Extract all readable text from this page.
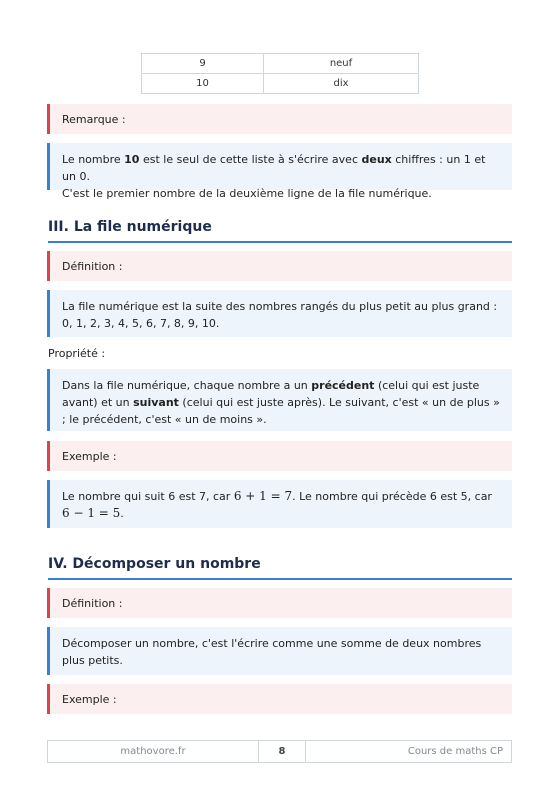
9	neuf
10	dix
Remarque :
Le nombre 10 est le seul de cette liste à s'écrire avec deux chiffres : un 1 et un 0.
C'est le premier nombre de la deuxième ligne de la file numérique.
III. La file numérique
Définition :
La file numérique est la suite des nombres rangés du plus petit au plus grand : 0, 1, 2, 3, 4, 5, 6, 7, 8, 9, 10.
Propriété :
Dans la file numérique, chaque nombre a un précédent (celui qui est juste avant) et un suivant (celui qui est juste après). Le suivant, c'est « un de plus » ; le précédent, c'est « un de moins ».
Exemple :
Le nombre qui suit 6 est 7, car 6 + 1 = 7. Le nombre qui précède 6 est 5, car 6 − 1 = 5.
IV. Décomposer un nombre
Définition :
Décomposer un nombre, c'est l'écrire comme une somme de deux nombres plus petits.
Exemple :
mathovore.fr	8	Cours de maths CP
